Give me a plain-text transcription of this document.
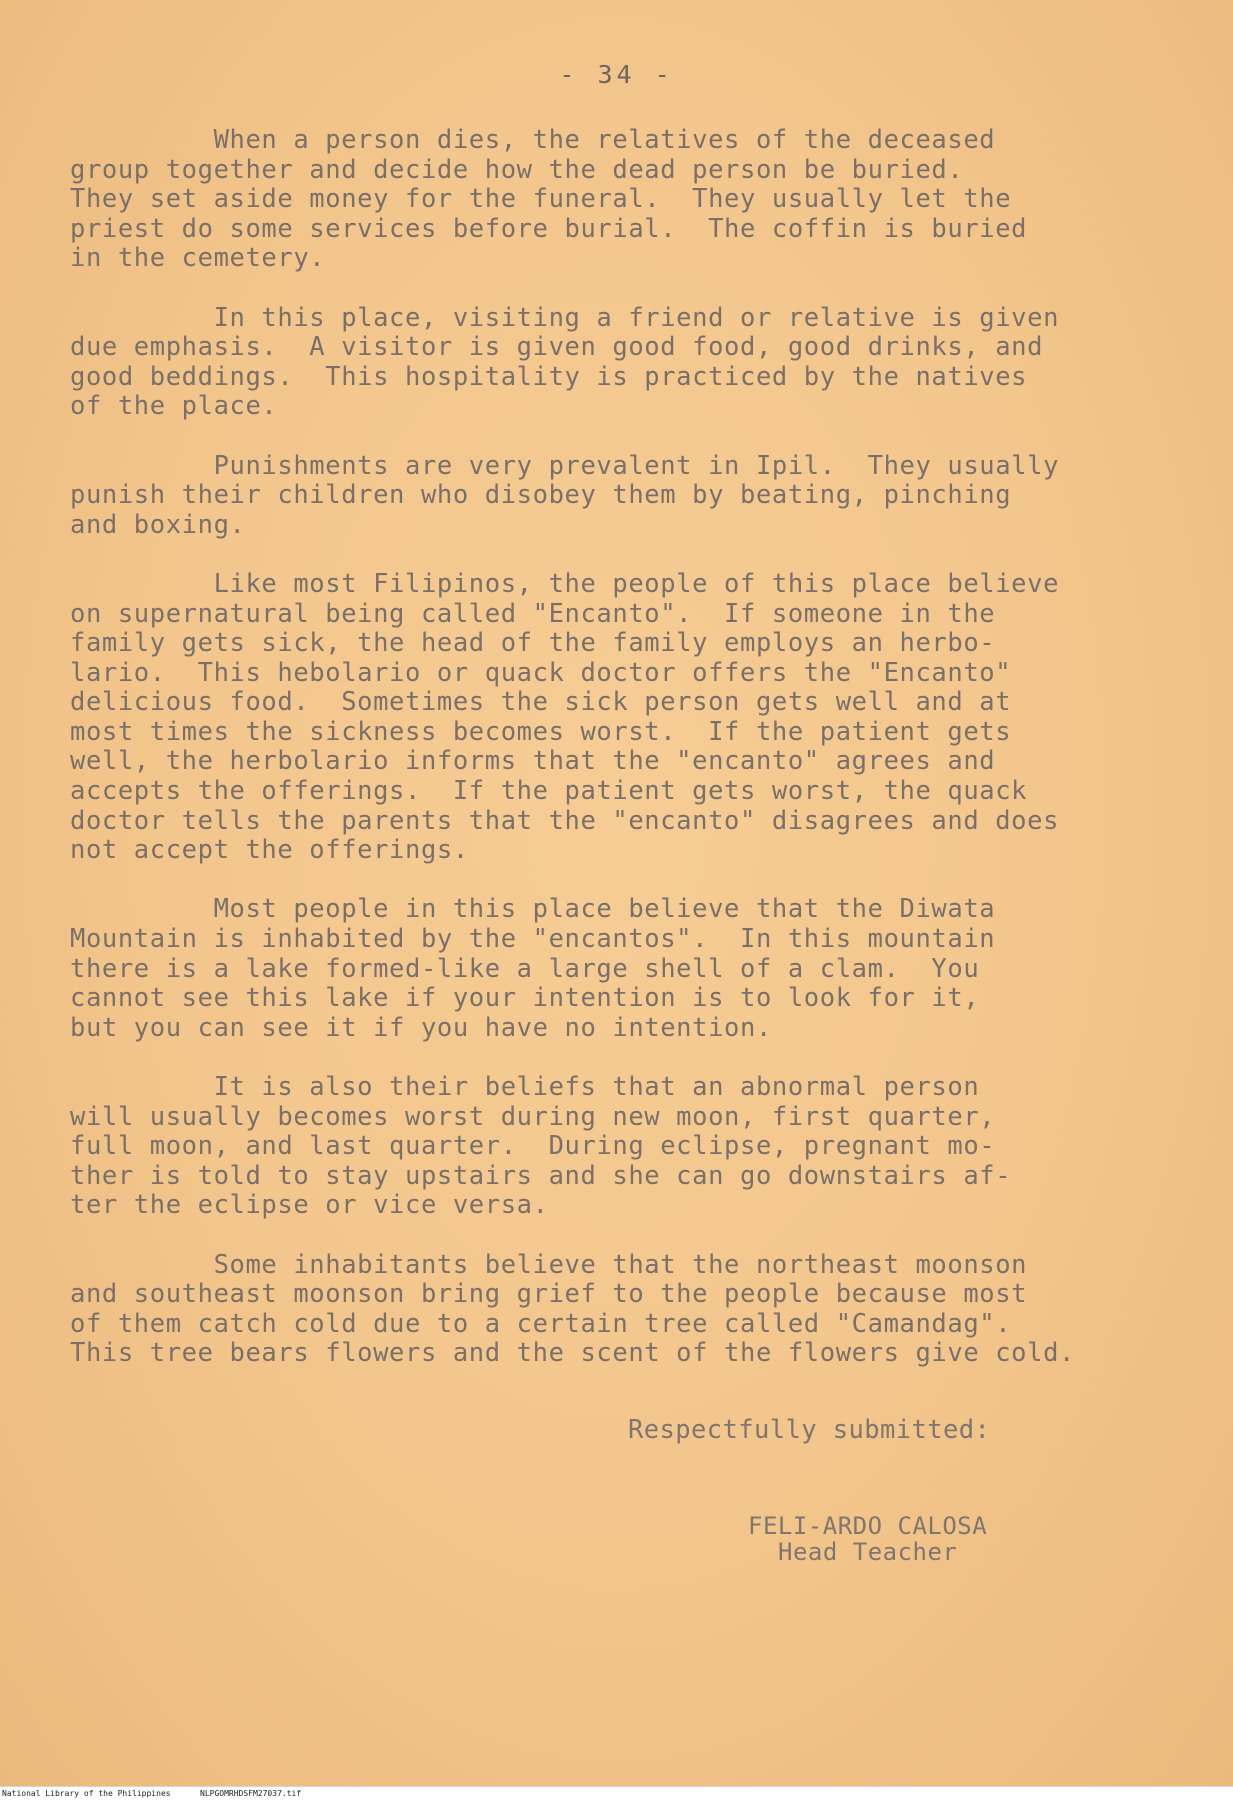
- 34 -

When a person dies, the relatives of the deceased
group together and decide how the dead person be buried.
They set aside money for the funeral.  They usually let the
priest do some services before burial.  The coffin is buried
in the cemetery.

In this place, visiting a friend or relative is given
due emphasis.  A visitor is given good food, good drinks, and
good beddings.  This hospitality is practiced by the natives
of the place.

Punishments are very prevalent in Ipil.  They usually
punish their children who disobey them by beating, pinching
and boxing.

Like most Filipinos, the people of this place believe
on supernatural being called "Encanto".  If someone in the
family gets sick, the head of the family employs an herbo-
lario.  This hebolario or quack doctor offers the "Encanto"
delicious food.  Sometimes the sick person gets well and at
most times the sickness becomes worst.  If the patient gets
well, the herbolario informs that the "encanto" agrees and
accepts the offerings.  If the patient gets worst, the quack
doctor tells the parents that the "encanto" disagrees and does
not accept the offerings.

Most people in this place believe that the Diwata
Mountain is inhabited by the "encantos".  In this mountain
there is a lake formed-like a large shell of a clam.  You
cannot see this lake if your intention is to look for it,
but you can see it if you have no intention.

It is also their beliefs that an abnormal person
will usually becomes worst during new moon, first quarter,
full moon, and last quarter.  During eclipse, pregnant mo-
ther is told to stay upstairs and she can go downstairs af-
ter the eclipse or vice versa.

Some inhabitants believe that the northeast moonson
and southeast moonson bring grief to the people because most
of them catch cold due to a certain tree called "Camandag".
This tree bears flowers and the scent of the flowers give cold.

Respectfully submitted:
FELI-ARDO CALOSA
Head Teacher
National Library of the Philippines	NLPGOMRHDSFM27037.tif
